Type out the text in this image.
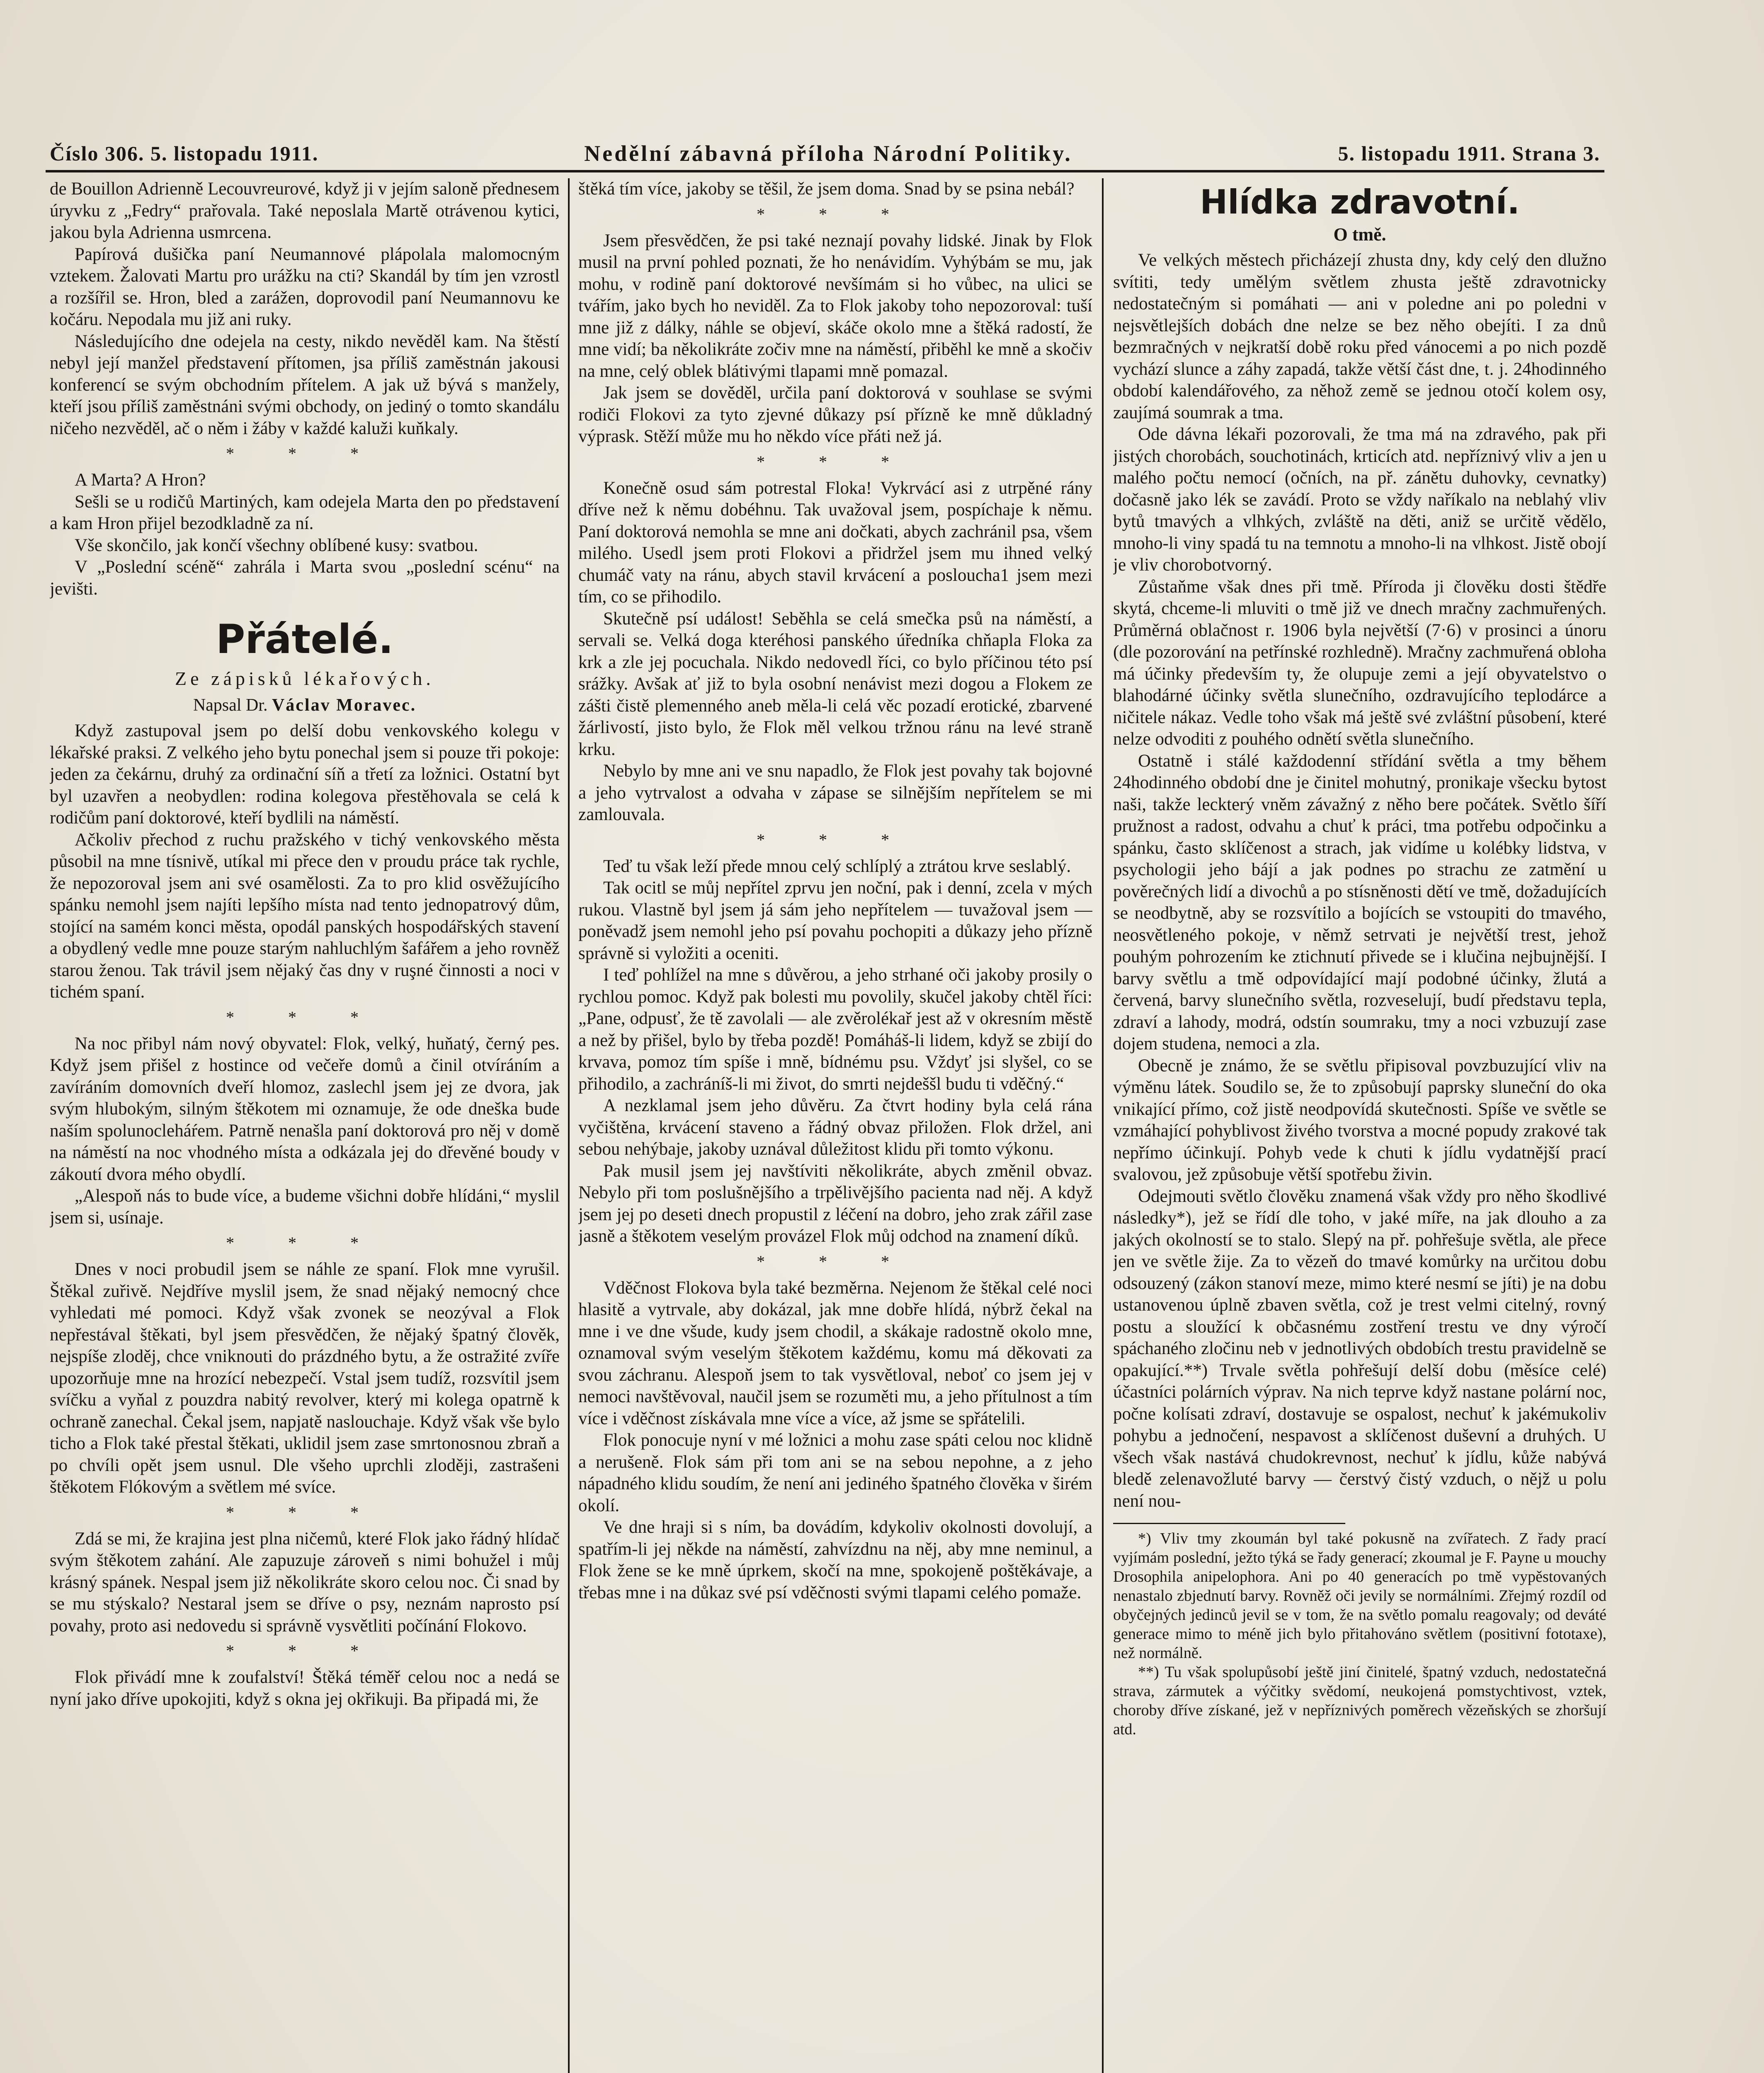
Číslo 306. 5. listopadu 1911.	Nedělní zábavná příloha Národní Politiky.	5. listopadu 1911. Strana 3.

de Bouillon Adrienně Lecouvreurové, když ji v jejím saloně přednesem úryvku z „Fedry“ prařovala. Také neposlala Martě otrávenou kytici, jakou byla Adrienna usmrcena.

Papírová dušička paní Neumannové plápolala malomocným vztekem. Žalovati Martu pro urážku na cti? Skandál by tím jen vzrostl a rozšířil se. Hron, bled a zarážen, doprovodil paní Neumannovu ke kočáru. Nepodala mu již ani ruky.

Následujícího dne odejela na cesty, nikdo nevěděl kam. Na štěstí nebyl její manžel představení přítomen, jsa příliš zaměstnán jakousi konferencí se svým obchodním přítelem. A jak už bývá s manžely, kteří jsou příliš zaměstnáni svými obchody, on jediný o tomto skandálu ničeho nezvěděl, ač o něm i žáby v každé kaluži kuňkaly.

* * *

A Marta? A Hron?

Sešli se u rodičů Martiných, kam odejela Marta den po představení a kam Hron přijel bezodkladně za ní.

Vše skončilo, jak končí všechny oblíbené kusy: svatbou.

V „Poslední scéně“ zahrála i Marta svou „poslední scénu“ na jevišti.

Přátelé.
Ze zápisků lékařových.
Napsal Dr. Václav Moravec.

Když zastupoval jsem po delší dobu venkovského kolegu v lékařské praksi. Z velkého jeho bytu ponechal jsem si pouze tři pokoje: jeden za čekárnu, druhý za ordinační síň a třetí za ložnici. Ostatní byt byl uzavřen a neobydlen: rodina kolegova přestěhovala se celá k rodičům paní doktorové, kteří bydlili na náměstí.

Ačkoliv přechod z ruchu pražského v tichý venkovského města působil na mne tísnivě, utíkal mi přece den v proudu práce tak rychle, že nepozoroval jsem ani své osamělosti. Za to pro klid osvěžujícího spánku nemohl jsem najíti lepšího místa nad tento jednopatrový dům, stojící na samém konci města, opodál panských hospodářských stavení a obydlený vedle mne pouze starým nahluchlým šafářem a jeho rovněž starou ženou. Tak trávil jsem nějaký čas dny v ruşné činnosti a noci v tichém spaní.

* * *

Na noc přibyl nám nový obyvatel: Flok, velký, huňatý, černý pes. Když jsem přišel z hostince od večeře domů a činil otvíráním a zavíráním domovních dveří hlomoz, zaslechl jsem jej ze dvora, jak svým hlubokým, silným štěkotem mi oznamuje, že ode dneška bude naším spolunocleháŕem. Patrně nenašla paní doktorová pro něj v domě na náměstí na noc vhodného místa a odkázala jej do dřevěné boudy v zákoutí dvora mého obydlí.

„Alespoň nás to bude více, a budeme všichni dobře hlídáni,“ myslil jsem si, usínaje.

* * *

Dnes v noci probudil jsem se náhle ze spaní. Flok mne vyrušil. Štěkal zuřivě. Nejdříve myslil jsem, že snad nějaký nemocný chce vyhledati mé pomoci. Když však zvonek se neozýval a Flok nepřestával štěkati, byl jsem přesvědčen, že nějaký špatný člověk, nejspíše zloděj, chce vniknouti do prázdného bytu, a že ostražité zvíře upozorňuje mne na hrozící nebezpečí. Vstal jsem tudíž, rozsvítil jsem svíčku a vyňal z pouzdra nabitý revolver, který mi kolega opatrně k ochraně zanechal. Čekal jsem, napjatě naslouchaje. Když však vše bylo ticho a Flok také přestal štěkati, uklidil jsem zase smrtonosnou zbraň a po chvíli opět jsem usnul. Dle všeho uprchli zloději, zastrašeni štěkotem Flókovým a světlem mé svíce.

* * *

Zdá se mi, že krajina jest plna ničemů, které Flok jako řádný hlídač svým štěkotem zahání. Ale zapuzuje zároveň s nimi bohužel i můj krásný spánek. Nespal jsem již několikráte skoro celou noc. Či snad by se mu stýskalo? Nestaral jsem se dříve o psy, neznám naprosto psí povahy, proto asi nedovedu si správně vysvětliti počínání Flokovo.

* * *

Flok přivádí mne k zoufalství! Štěká téměř celou noc a nedá se nyní jako dříve upokojiti, když s okna jej okřikuji. Ba připadá mi, že

štěká tím více, jakoby se těšil, že jsem doma. Snad by se psina nebál?

* * *

Jsem přesvědčen, že psi také neznají povahy lidské. Jinak by Flok musil na první pohled poznati, že ho nenávidím. Vyhýbám se mu, jak mohu, v rodině paní doktorové nevšímám si ho vůbec, na ulici se tvářím, jako bych ho neviděl. Za to Flok jakoby toho nepozoroval: tuší mne již z dálky, náhle se objeví, skáče okolo mne a štěká radostí, že mne vidí; ba několikráte zočiv mne na náměstí, přiběhl ke mně a skočiv na mne, celý oblek blátivými tlapami mně pomazal.

Jak jsem se dověděl, určila paní doktorová v souhlase se svými rodiči Flokovi za tyto zjevné důkazy psí přízně ke mně důkladný výprask. Stěží může mu ho někdo více přáti než já.

* * *

Konečně osud sám potrestal Floka! Vykrvácí asi z utrpěné rány dříve než k němu dobéhnu. Tak uvažoval jsem, pospíchaje k němu. Paní doktorová nemohla se mne ani dočkati, abych zachránil psa, všem milého. Usedl jsem proti Flokovi a přidržel jsem mu ihned velký chumáč vaty na ránu, abych stavil krvácení a posloucha1 jsem mezi tím, co se přihodilo.

Skutečně psí událost! Seběhla se celá smečka psů na náměstí, a servali se. Velká doga kteréhosi panského úředníka chňapla Floka za krk a zle jej pocuchala. Nikdo nedovedl říci, co bylo příčinou této psí srážky. Avšak ať již to byla osobní nenávist mezi dogou a Flokem ze zášti čistě plemenného aneb měla-li celá věc pozadí erotické, zbarvené žárlivostí, jisto bylo, že Flok měl velkou tržnou ránu na levé straně krku.

Nebylo by mne ani ve snu napadlo, že Flok jest povahy tak bojovné a jeho vytrvalost a odvaha v zápase se silnějším nepřítelem se mi zamlouvala.

* * *

Teď tu však leží přede mnou celý schlíplý a ztrátou krve seslablý.

Tak ocitl se můj nepřítel zprvu jen noční, pak i denní, zcela v mých rukou. Vlastně byl jsem já sám jeho nepřítelem — tuvažoval jsem — poněvadž jsem nemohl jeho psí povahu pochopiti a důkazy jeho přízně správně si vyložiti a oceniti.

I teď pohlížel na mne s důvěrou, a jeho strhané oči jakoby prosily o rychlou pomoc. Když pak bolesti mu povolily, skučel jakoby chtěl říci: „Pane, odpusť, že tě zavolali — ale zvěrolékař jest až v okresním městě a než by přišel, bylo by třeba pozdě! Pomáháš-li lidem, když se zbijí do krvava, pomoz tím spíše i mně, bídnému psu. Vždyť jsi slyšel, co se přihodilo, a zachráníš-li mi život, do smrti nejdeššl budu ti vděčný.“

A nezklamal jsem jeho důvěru. Za čtvrt hodiny byla celá rána vyčištěna, krvácení staveno a řádný obvaz přiložen. Flok držel, ani sebou nehýbaje, jakoby uznával důležitost klidu při tomto výkonu.

Pak musil jsem jej navštíviti několikráte, abych změnil obvaz. Nebylo při tom poslušnějšího a trpělivějšího pacienta nad něj. A když jsem jej po deseti dnech propustil z léčení na dobro, jeho zrak zářil zase jasně a štěkotem veselým provázel Flok můj odchod na znamení díků.

* * *

Vděčnost Flokova byla také bezměrna. Nejenom že štěkal celé noci hlasitě a vytrvale, aby dokázal, jak mne dobře hlídá, nýbrž čekal na mne i ve dne všude, kudy jsem chodil, a skákaje radostně okolo mne, oznamoval svým veselým štěkotem každému, komu má děkovati za svou záchranu. Alespoň jsem to tak vysvětloval, neboť co jsem jej v nemoci navštěvoval, naučil jsem se rozuměti mu, a jeho přítulnost a tím více i vděčnost získávala mne více a více, až jsme se spřátelili.

Flok ponocuje nyní v mé ložnici a mohu zase spáti celou noc klidně a nerušeně. Flok sám při tom ani se na sebou nepohne, a z jeho nápadného klidu soudím, že není ani jediného špatného člověka v širém okolí.

Ve dne hraji si s ním, ba dovádím, kdykoliv okolnosti dovolují, a spatřím-li jej někde na náměstí, zahvízdnu na něj, aby mne neminul, a Flok žene se ke mně úprkem, skočí na mne, spokojeně poštěkávaje, a třebas mne i na důkaz své psí vděčnosti svými tlapami celého pomaže.

Hlídka zdravotní.
O tmě.

Ve velkých městech přicházejí zhusta dny, kdy celý den dlužno svítiti, tedy umělým světlem zhusta ještě zdravotnicky nedostatečným si pomáhati — ani v poledne ani po poledni v nejsvětlejších dobách dne nelze se bez něho obejíti. I za dnů bezmračných v nejkratší době roku před vánocemi a po nich pozdě vychází slunce a záhy zapadá, takže větší část dne, t. j. 24hodinného období kalendářového, za něhož země se jednou otočí kolem osy, zaujímá soumrak a tma.

Ode dávna lékaři pozorovali, že tma má na zdravého, pak při jistých chorobách, souchotinách, krticích atd. nepříznivý vliv a jen u malého počtu nemocí (očních, na př. zánětu duhovky, cevnatky) dočasně jako lék se zavádí. Proto se vždy naříkalo na neblahý vliv bytů tmavých a vlhkých, zvláště na děti, aniž se určitě vědělo, mnoho-li viny spadá tu na temnotu a mnoho-li na vlhkost. Jistě obojí je vliv chorobotvorný.

Zůstaňme však dnes při tmě. Příroda ji člověku dosti štědře skytá, chceme-li mluviti o tmě již ve dnech mračny zachmuřených. Průměrná oblačnost r. 1906 byla největší (7·6) v prosinci a únoru (dle pozorování na petřínské rozhledně). Mračny zachmuřená obloha má účinky především ty, že olupuje zemi a její obyvatelstvo o blahodárné účinky světla slunečního, ozdravujícího teplodárce a ničitele nákaz. Vedle toho však má ještě své zvláštní působení, které nelze odvoditi z pouhého odnětí světla slunečního.

Ostatně i stálé každodenní střídání světla a tmy během 24hodinného období dne je činitel mohutný, pronikaje všecku bytost naši, takže leckterý vněm závažný z něho bere počátek. Světlo šíří pružnost a radost, odvahu a chuť k práci, tma potřebu odpočinku a spánku, často sklíčenost a strach, jak vidíme u kolébky lidstva, v psychologii jeho bájí a jak podnes po strachu ze zatmění u pověrečných lidí a divochů a po stísněnosti dětí ve tmě, dožadujících se neodbytně, aby se rozsvítilo a bojících se vstoupiti do tmavého, neosvětleného pokoje, v němž setrvati je největší trest, jehož pouhým pohrozením ke ztichnutí přivede se i klučina nejbujnější. I barvy světlu a tmě odpovídající mají podobné účinky, žlutá a červená, barvy slunečního světla, rozveselují, budí představu tepla, zdraví a lahody, modrá, odstín soumraku, tmy a noci vzbuzují zase dojem studena, nemoci a zla.

Obecně je známo, že se světlu připisoval povzbuzující vliv na výměnu látek. Soudilo se, že to způsobují paprsky sluneční do oka vnikající přímo, což jistě neodpovídá skutečnosti. Spíše ve světle se vzmáhající pohyblivost živého tvorstva a mocné popudy zrakové tak nepřímo účinkují. Pohyb vede k chuti k jídlu vydatnější prací svalovou, jež způsobuje větší spotřebu živin.

Odejmouti světlo člověku znamená však vždy pro něho škodlivé následky*), jež se řídí dle toho, v jaké míře, na jak dlouho a za jakých okolností se to stalo. Slepý na př. pohřešuje světla, ale přece jen ve světle žije. Za to vězeň do tmavé komůrky na určitou dobu odsouzený (zákon stanoví meze, mimo které nesmí se jíti) je na dobu ustanovenou úplně zbaven světla, což je trest velmi citelný, rovný postu a sloužící k občasnému zostření trestu ve dny výročí spáchaného zločinu neb v jednotlivých obdobích trestu pravidelně se opakující.**) Trvale světla pohřešují delší dobu (měsíce celé) účastníci polárních výprav. Na nich teprve když nastane polární noc, počne kolísati zdraví, dostavuje se ospalost, nechuť k jakémukoliv pohybu a jednočení, nespavost a sklíčenost duševní a druhých. U všech však nastává chudokrevnost, nechuť k jídlu, kůže nabývá bledě zelenavožluté barvy — čerstvý čistý vzduch, o nějž u polu není nou-

*) Vliv tmy zkoumán byl také pokusně na zvířatech. Z řady prací vyjímám poslední, ježto týká se řady generací; zkoumal je F. Payne u mouchy Drosophila anipelophora. Ani po 40 generacích po tmě vypěstovaných nenastalo zbjednutí barvy. Rovněž oči jevily se normálními. Zřejmý rozdíl od obyčejných jedinců jevil se v tom, že na světlo pomalu reagovaly; od deváté generace mimo to méně jich bylo přitahováno světlem (positivní fototaxe), než normálně.

**) Tu však spolupůsobí ještě jiní činitelé, špatný vzduch, nedostatečná strava, zármutek a výčitky svědomí, neukojená pomstychtivost, vztek, choroby dříve získané, jež v nepříznivých poměrech vězeňských se zhoršují atd.
